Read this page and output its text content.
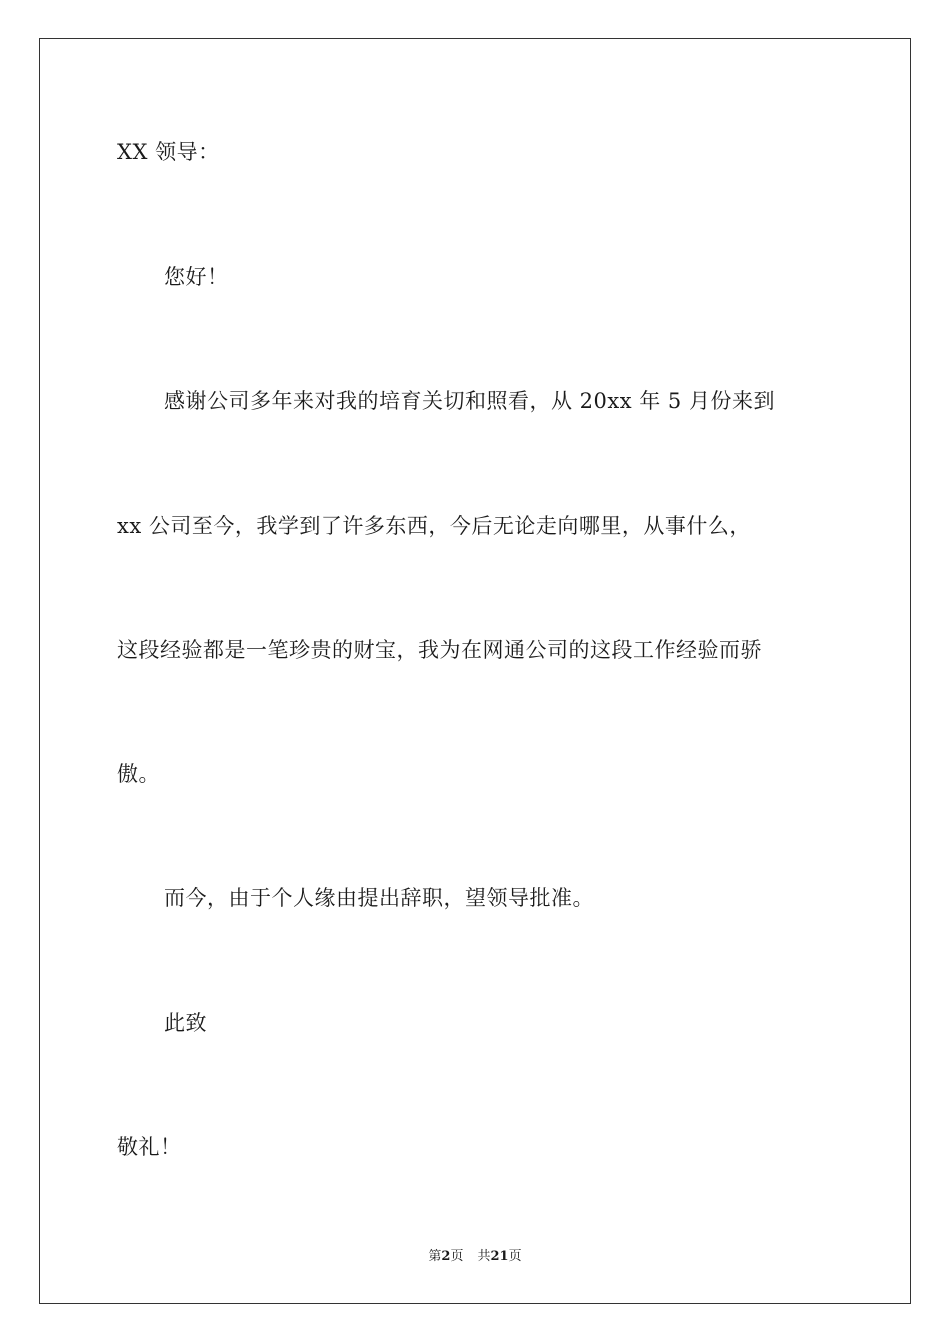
XX 领导：
您好！
感谢公司多年来对我的培育关切和照看，从 20xx 年 5 月份来到
xx 公司至今，我学到了许多东西，今后无论走向哪里，从事什么，
这段经验都是一笔珍贵的财宝，我为在网通公司的这段工作经验而骄
傲。
而今，由于个人缘由提出辞职，望领导批准。
此致
敬礼！
第2页 共21页
